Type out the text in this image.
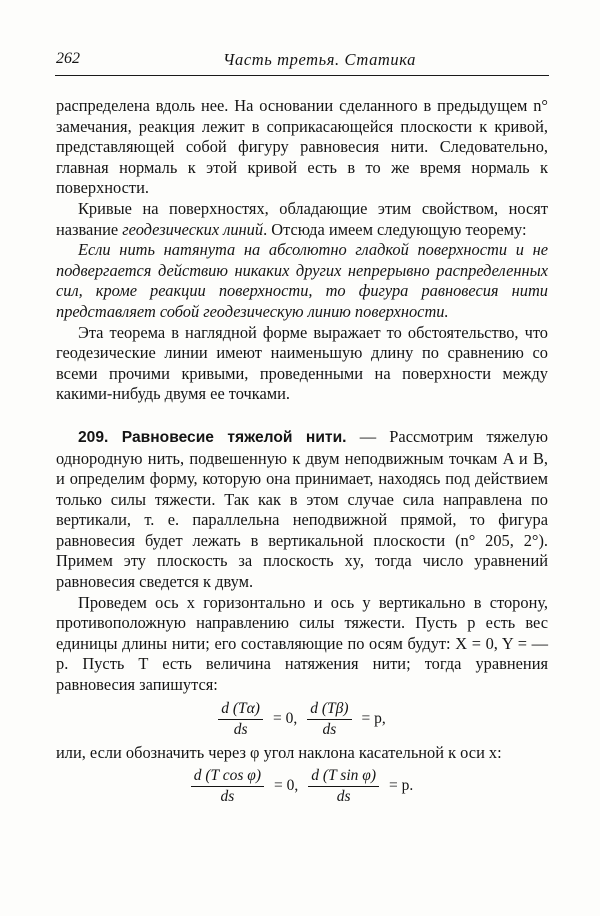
262	Часть третья. Статика

распределена вдоль нее. На основании сделанного в предыдущем n° замечания, реакция лежит в соприкасающейся плоскости к кривой, представляющей собой фигуру равновесия нити. Следовательно, главная нормаль к этой кривой есть в то же время нормаль к поверхности.

Кривые на поверхностях, обладающие этим свойством, носят название геодезических линий. Отсюда имеем следующую теорему:

Если нить натянута на абсолютно гладкой поверхности и не подвергается действию никаких других непрерывно распределенных сил, кроме реакции поверхности, то фигура равновесия нити представляет собой геодезическую линию поверхности.

Эта теорема в наглядной форме выражает то обстоятельство, что геодезические линии имеют наименьшую длину по сравнению со всеми прочими кривыми, проведенными на поверхности между какими-нибудь двумя ее точками.

209. Равновесие тяжелой нити. — Рассмотрим тяжелую однородную нить, подвешенную к двум неподвижным точкам A и B, и определим форму, которую она принимает, находясь под действием только силы тяжести. Так как в этом случае сила направлена по вертикали, т. е. параллельна неподвижной прямой, то фигура равновесия будет лежать в вертикальной плоскости (n° 205, 2°). Примем эту плоскость за плоскость xy, тогда число уравнений равновесия сведется к двум.

Проведем ось x горизонтально и ось y вертикально в сторону, противоположную направлению силы тяжести. Пусть p есть вес единицы длины нити; его составляющие по осям будут: X = 0, Y = —p. Пусть T есть величина натяжения нити; тогда уравнения равновесия запишутся:

$\frac{d (T\alpha)}{ds} = 0$, $\frac{d (T\beta)}{ds} = p$,

или, если обозначить через φ угол наклона касательной к оси x:

$\frac{\text{d (T cos φ)}}{ds} = 0$, $\frac{\text{d (T sin φ)}}{ds} = p$.
